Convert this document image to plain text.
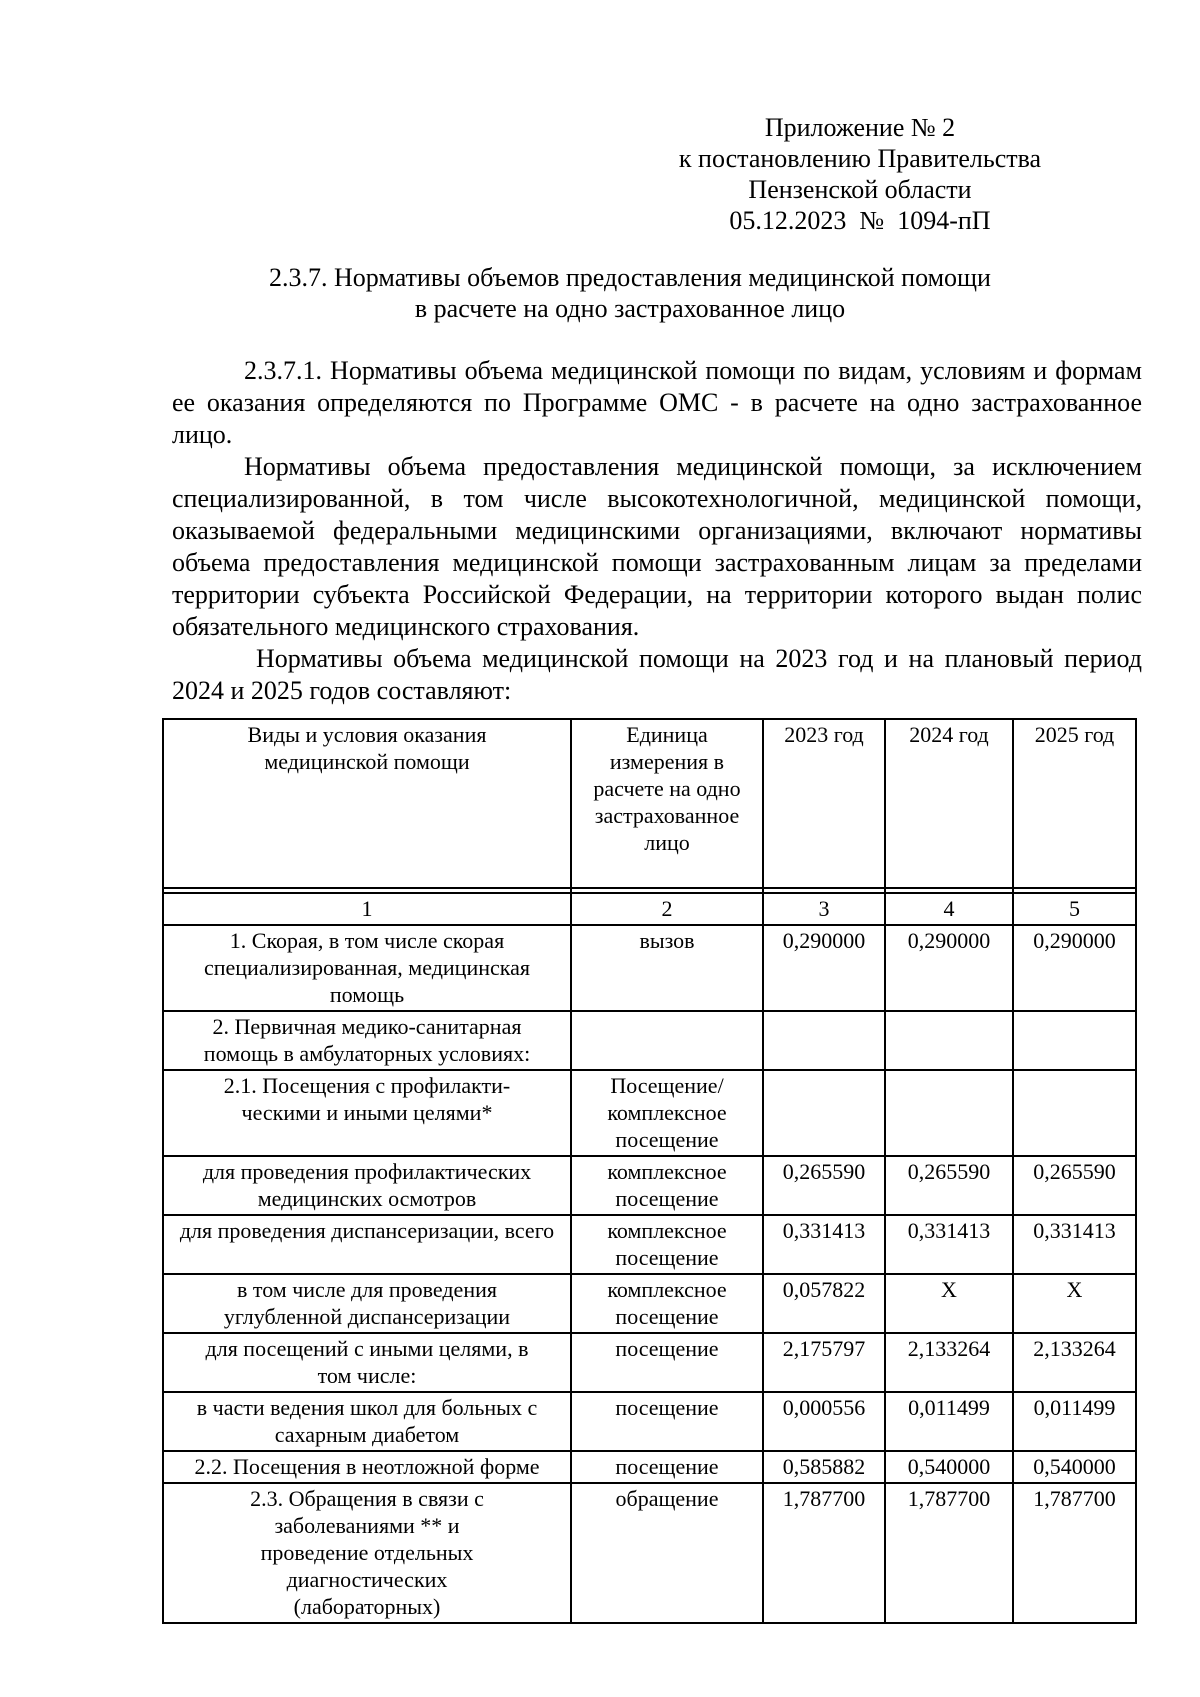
Приложение № 2
к постановлению Правительства
Пензенской области
05.12.2023  №  1094-пП
2.3.7. Нормативы объемов предоставления медицинской помощи
в расчете на одно застрахованное лицо

2.3.7.1. Нормативы объема медицинской помощи по видам, условиям и формам ее оказания определяются по Программе ОМС - в расчете на одно застрахованное лицо.

Нормативы объема предоставления медицинской помощи, за исключением специализированной, в том числе высокотехнологичной, медицинской помощи, оказываемой федеральными медицинскими организациями, включают нормативы объема предоставления медицинской помощи застрахованным лицам за пределами территории субъекта Российской Федерации, на территории которого выдан полис обязательного медицинского страхования.

Нормативы объема медицинской помощи на 2023 год и на плановый период 2024 и 2025 годов составляют:

Виды и условия оказания медицинской помощи	Единица измерения в расчете на одно застрахованное лицо	2023 год	2024 год	2025 год

1	2	3	4	5
1. Скорая, в том числе скорая специализированная, медицинская помощь	вызов	0,290000	0,290000	0,290000
2. Первичная медико-санитарная помощь в амбулаторных условиях:				
2.1. Посещения с профилакти-ческими и иными целями*	Посещение/ комплексное посещение			
для проведения профилактических медицинских осмотров	комплексное посещение	0,265590	0,265590	0,265590
для проведения диспансеризации, всего	комплексное посещение	0,331413	0,331413	0,331413
в том числе для проведения углубленной диспансеризации	комплексное посещение	0,057822	Х	Х
для посещений с иными целями, в том числе:	посещение	2,175797	2,133264	2,133264
в части ведения школ для больных с сахарным диабетом	посещение	0,000556	0,011499	0,011499
2.2. Посещения в неотложной форме	посещение	0,585882	0,540000	0,540000
2.3. Обращения в связи с заболеваниями ** и проведение отдельных диагностических (лабораторных)	обращение	1,787700	1,787700	1,787700
